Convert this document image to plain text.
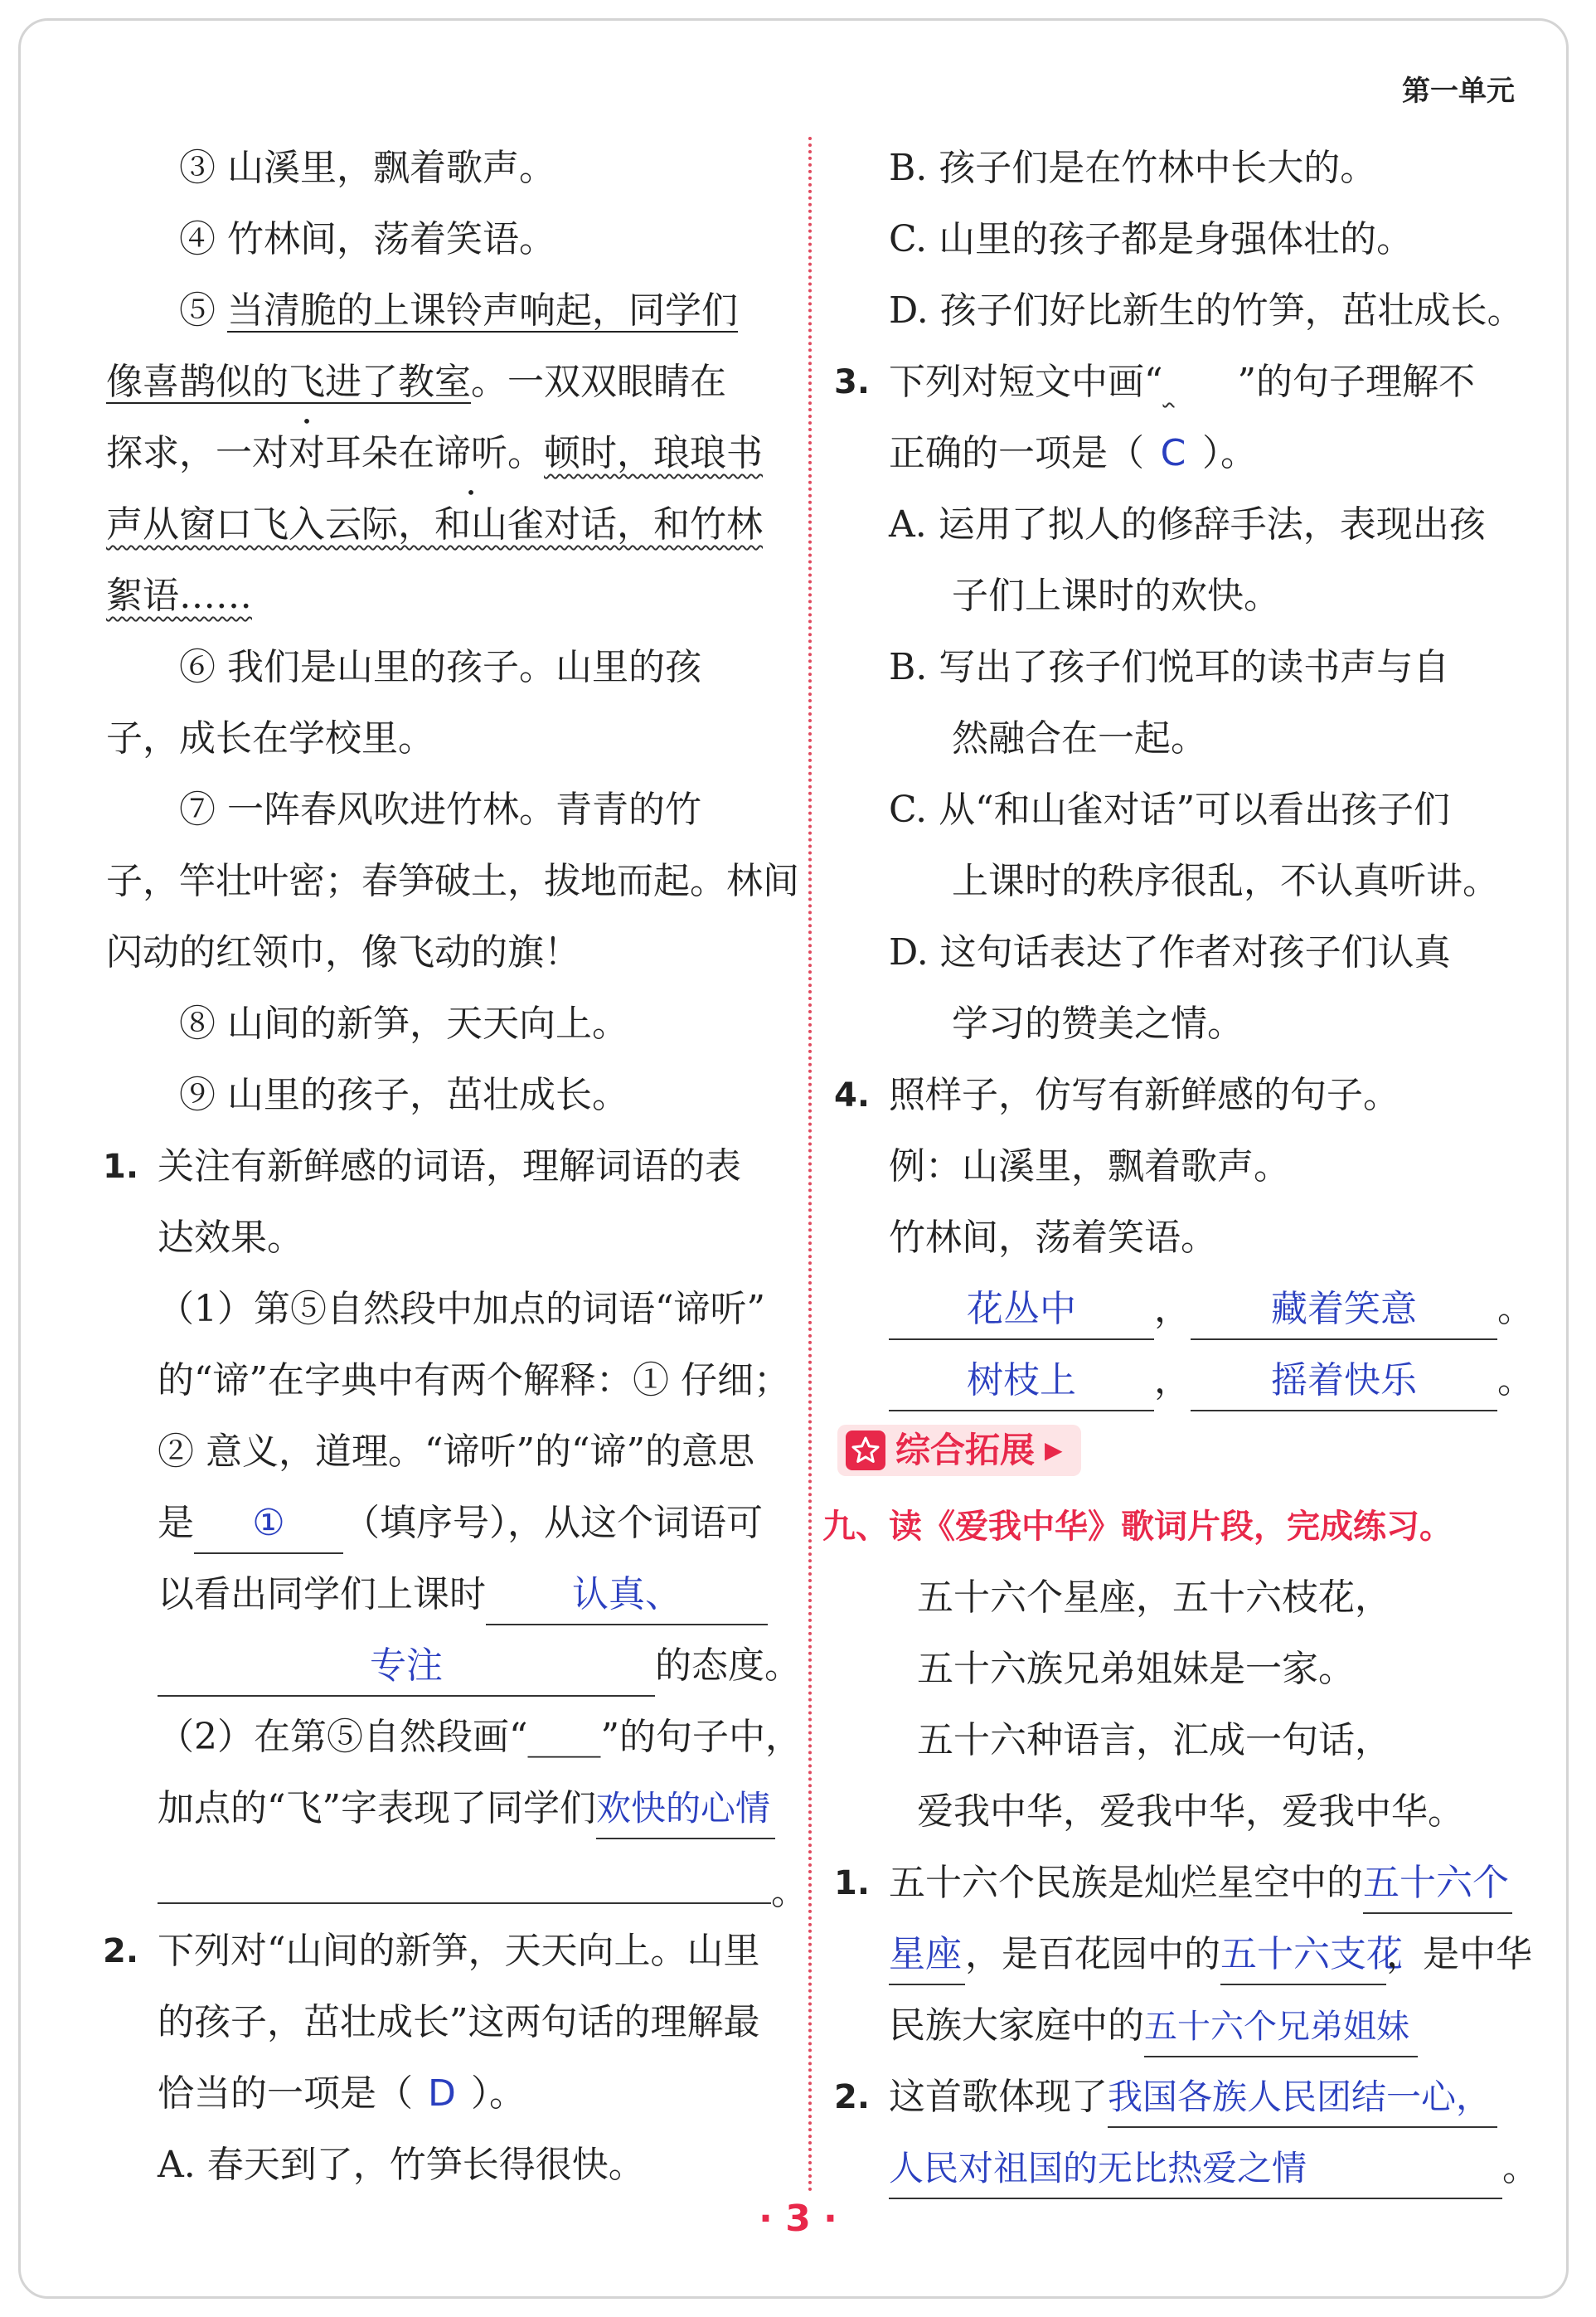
第一单元
③ 山溪里，飘着歌声。
④ 竹林间，荡着笑语。
⑤ 当清脆的上课铃声响起，同学们
像喜鹊似的飞进了教室。一双双眼睛在
探求，一对对耳朵在谛听。顿时，琅琅书
声从窗口飞入云际，和山雀对话，和竹林
絮语……
⑥ 我们是山里的孩子。山里的孩
子，成长在学校里。
⑦ 一阵春风吹进竹林。青青的竹
子，竿壮叶密；春笋破土，拔地而起。林间
闪动的红领巾，像飞动的旗！
⑧ 山间的新笋，天天向上。
⑨ 山里的孩子，茁壮成长。
1. 关注有新鲜感的词语，理解词语的表
达效果。
（1）第⑤自然段中加点的词语“谛听”
的“谛”在字典中有两个解释：① 仔细；
② 意义，道理。“谛听”的“谛”的意思
是 ① （填序号），从这个词语可
以看出同学们上课时 认真、
专注	的态度。
（2）在第⑤自然段画“____”的句子中，
加点的“飞”字表现了同学们欢快的心情
。
2. 下列对“山间的新笋，天天向上。山里
的孩子，茁壮成长”这两句话的理解最
恰当的一项是（ D ）。
A. 春天到了，竹笋长得很快。
B. 孩子们是在竹林中长大的。
C. 山里的孩子都是身强体壮的。
D. 孩子们好比新生的竹笋，茁壮成长。
3. 下列对短文中画“ ”的句子理解不
正确的一项是（ C ）。
A. 运用了拟人的修辞手法，表现出孩
子们上课时的欢快。
B. 写出了孩子们悦耳的读书声与自
然融合在一起。
C. 从“和山雀对话”可以看出孩子们
上课时的秩序很乱，不认真听讲。
D. 这句话表达了作者对孩子们认真
学习的赞美之情。
4. 照样子，仿写有新鲜感的句子。
例：山溪里，飘着歌声。
竹林间，荡着笑语。
花丛中 ， 藏着笑意 。
树枝上 ， 摇着快乐 。
综合拓展 ▶
九、读《爱我中华》歌词片段，完成练习。
五十六个星座，五十六枝花，
五十六族兄弟姐妹是一家。
五十六种语言，汇成一句话，
爱我中华，爱我中华，爱我中华。
1. 五十六个民族是灿烂星空中的五十六个
星座，是百花园中的五十六支花，是中华
民族大家庭中的五十六个兄弟姐妹
2. 这首歌体现了我国各族人民团结一心，
人民对祖国的无比热爱之情	。
· 3 ·
